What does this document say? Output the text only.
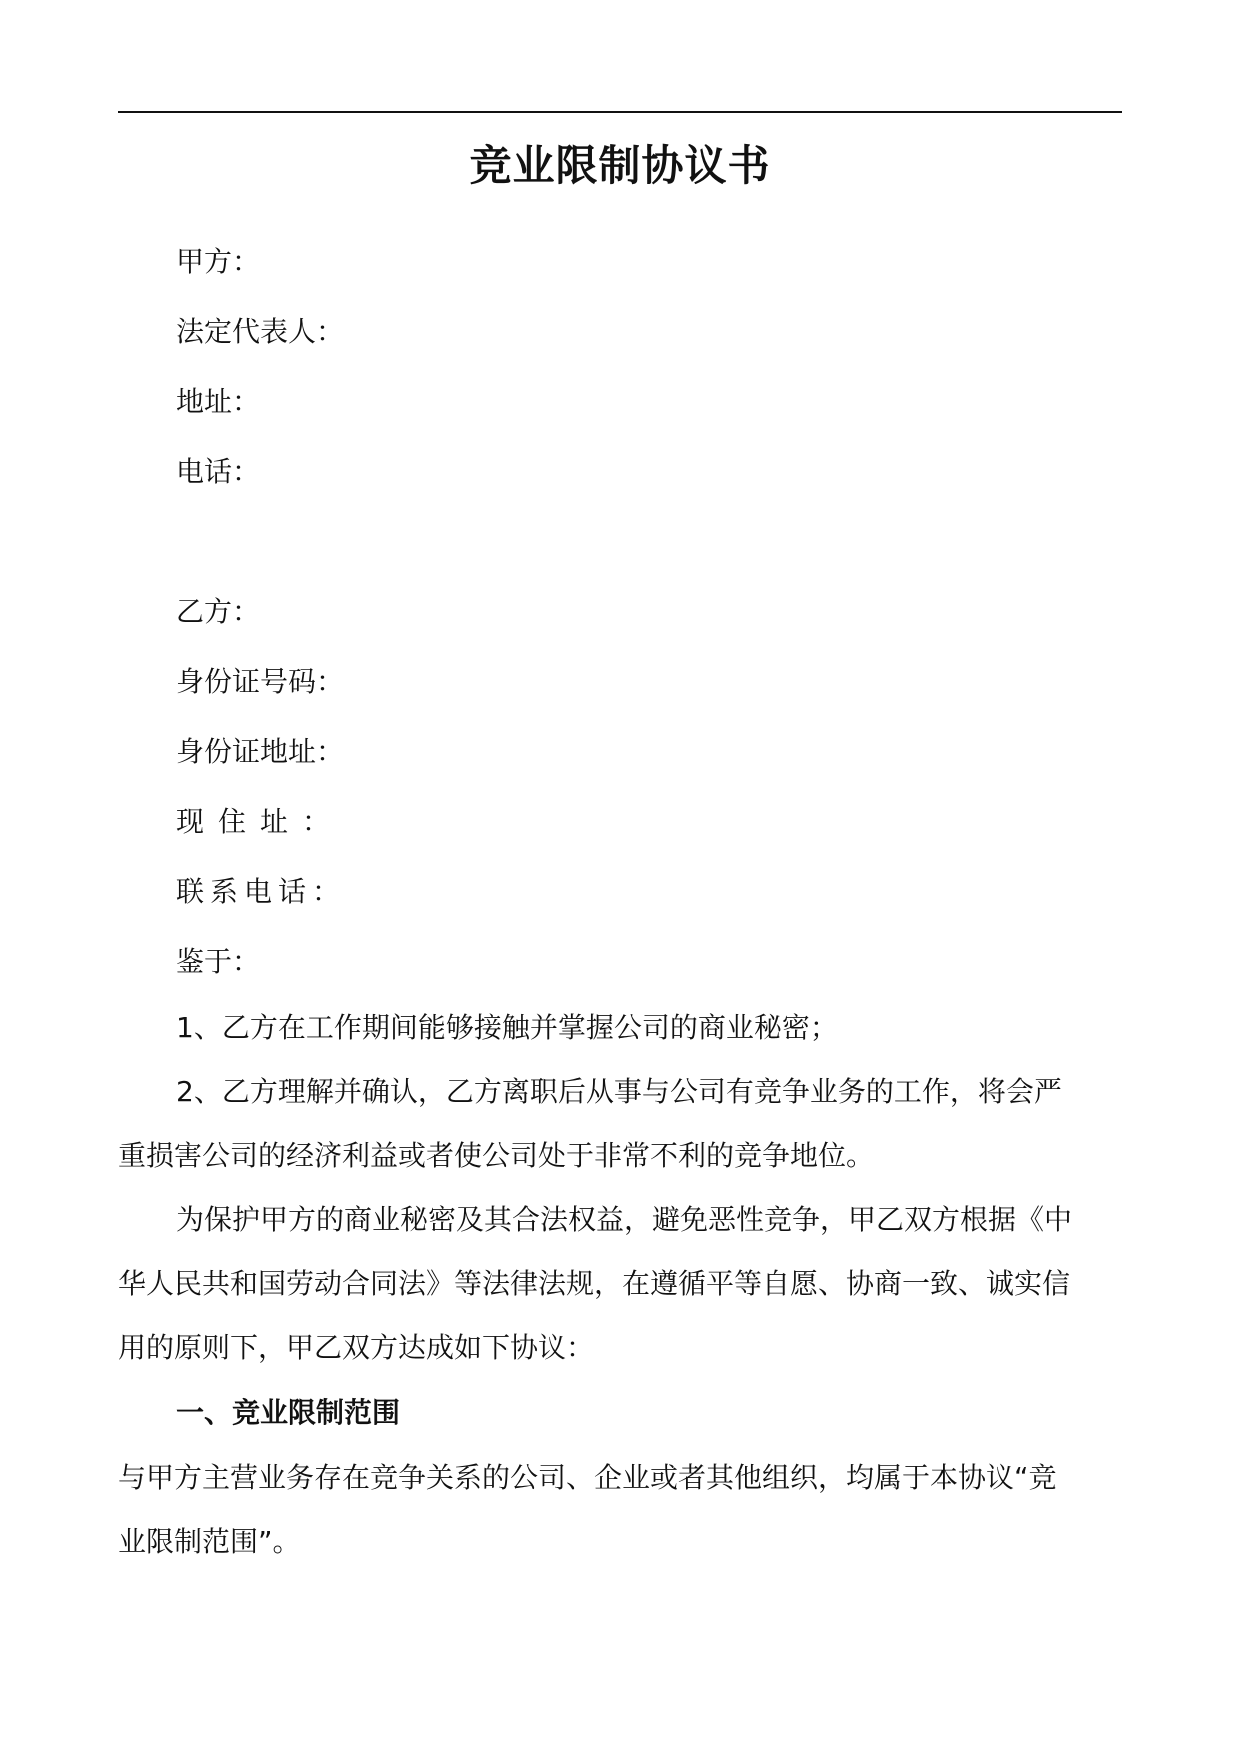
竞业限制协议书
甲方：
法定代表人：
地址：
电话：
乙方：
身份证号码：
身份证地址：
现住址：
联系电话：
鉴于：
1、乙方在工作期间能够接触并掌握公司的商业秘密；
2、乙方理解并确认，乙方离职后从事与公司有竞争业务的工作，将会严
重损害公司的经济利益或者使公司处于非常不利的竞争地位。
为保护甲方的商业秘密及其合法权益，避免恶性竞争，甲乙双方根据《中
华人民共和国劳动合同法》等法律法规，在遵循平等自愿、协商一致、诚实信
用的原则下，甲乙双方达成如下协议：
一、竞业限制范围
与甲方主营业务存在竞争关系的公司、企业或者其他组织，均属于本协议“竞
业限制范围”。
